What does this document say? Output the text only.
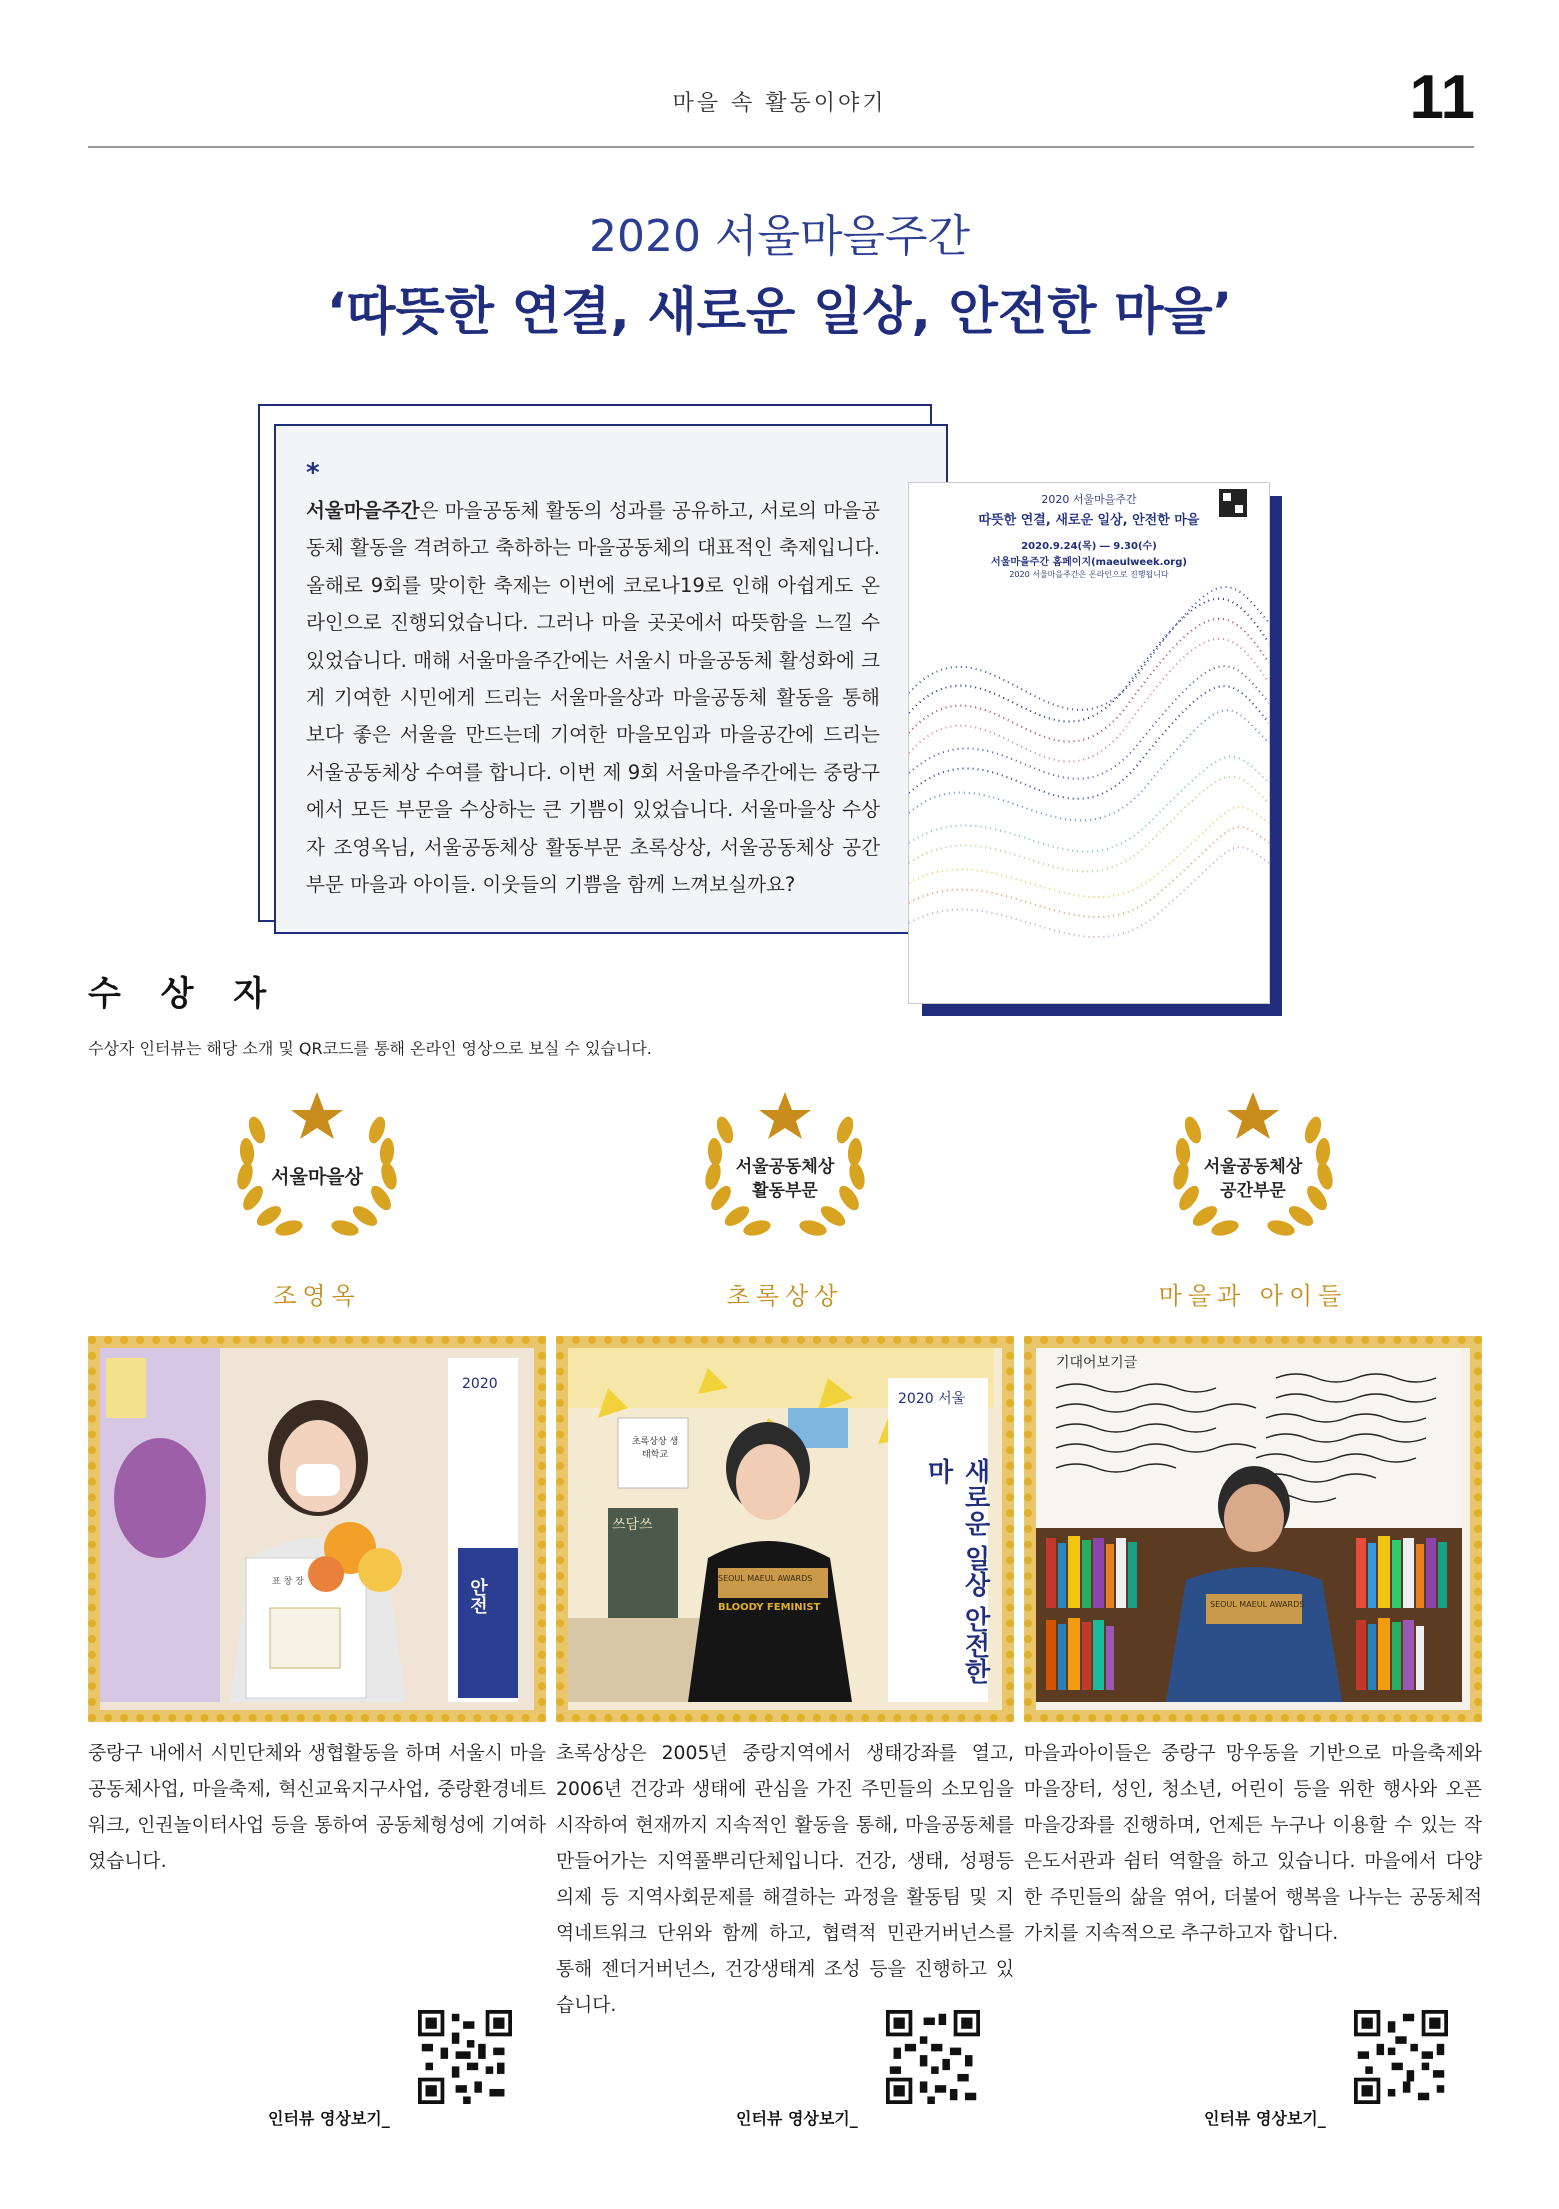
마을 속 활동이야기	11
2020 서울마을주간
‘따뜻한 연결, 새로운 일상, 안전한 마을’
*
서울마을주간은 마을공동체 활동의 성과를 공유하고, 서로의 마을공동체 활동을 격려하고 축하하는 마을공동체의 대표적인 축제입니다. 올해로 9회를 맞이한 축제는 이번에 코로나19로 인해 아쉽게도 온라인으로 진행되었습니다. 그러나 마을 곳곳에서 따뜻함을 느낄 수 있었습니다. 매해 서울마을주간에는 서울시 마을공동체 활성화에 크게 기여한 시민에게 드리는 서울마을상과 마을공동체 활동을 통해 보다 좋은 서울을 만드는데 기여한 마을모임과 마을공간에 드리는 서울공동체상 수여를 합니다. 이번 제 9회 서울마을주간에는 중랑구에서 모든 부문을 수상하는 큰 기쁨이 있었습니다. 서울마을상 수상자 조영옥님, 서울공동체상 활동부문 초록상상, 서울공동체상 공간부문 마을과 아이들. 이웃들의 기쁨을 함께 느껴보실까요?
2020 서울마을주간
따뜻한 연결, 새로운 일상, 안전한 마을
2020.9.24(목) ― 9.30(수)
서울마을주간 홈페이지(maeulweek.org)
2020 서울마을주간은 온라인으로 진행됩니다
수 상 자
수상자 인터뷰는 해당 소개 및 QR코드를 통해 온라인 영상으로 보실 수 있습니다.
서울마을상
조영옥
2020
안전
표 창 장
중랑구 내에서 시민단체와 생협활동을 하며 서울시 마을공동체사업, 마을축제, 혁신교육지구사업, 중랑환경네트워크, 인권놀이터사업 등을 통하여 공동체형성에 기여하였습니다.
인터뷰 영상보기_
서울공동체상
활동부문
초록상상
초록상상 생태학교
쓰담쓰
BLOODY FEMINIST
SEOUL MAEUL AWARDS
2020 서울
새로운 일상 안전한 마
초록상상은 2005년 중랑지역에서 생태강좌를 열고, 2006년 건강과 생태에 관심을 가진 주민들의 소모임을 시작하여 현재까지 지속적인 활동을 통해, 마을공동체를 만들어가는 지역풀뿌리단체입니다. 건강, 생태, 성평등 의제 등 지역사회문제를 해결하는 과정을 활동팀 및 지역네트워크 단위와 함께 하고, 협력적 민관거버넌스를 통해 젠더거버넌스, 건강생태계 조성 등을 진행하고 있습니다.
인터뷰 영상보기_
서울공동체상
공간부문
마을과 아이들
기대어보기글
SEOUL MAEUL AWARDS
마을과아이들은 중랑구 망우동을 기반으로 마을축제와 마을장터, 성인, 청소년, 어린이 등을 위한 행사와 오픈마을강좌를 진행하며, 언제든 누구나 이용할 수 있는 작은도서관과 쉼터 역할을 하고 있습니다. 마을에서 다양한 주민들의 삶을 엮어, 더불어 행복을 나누는 공동체적 가치를 지속적으로 추구하고자 합니다.
인터뷰 영상보기_
